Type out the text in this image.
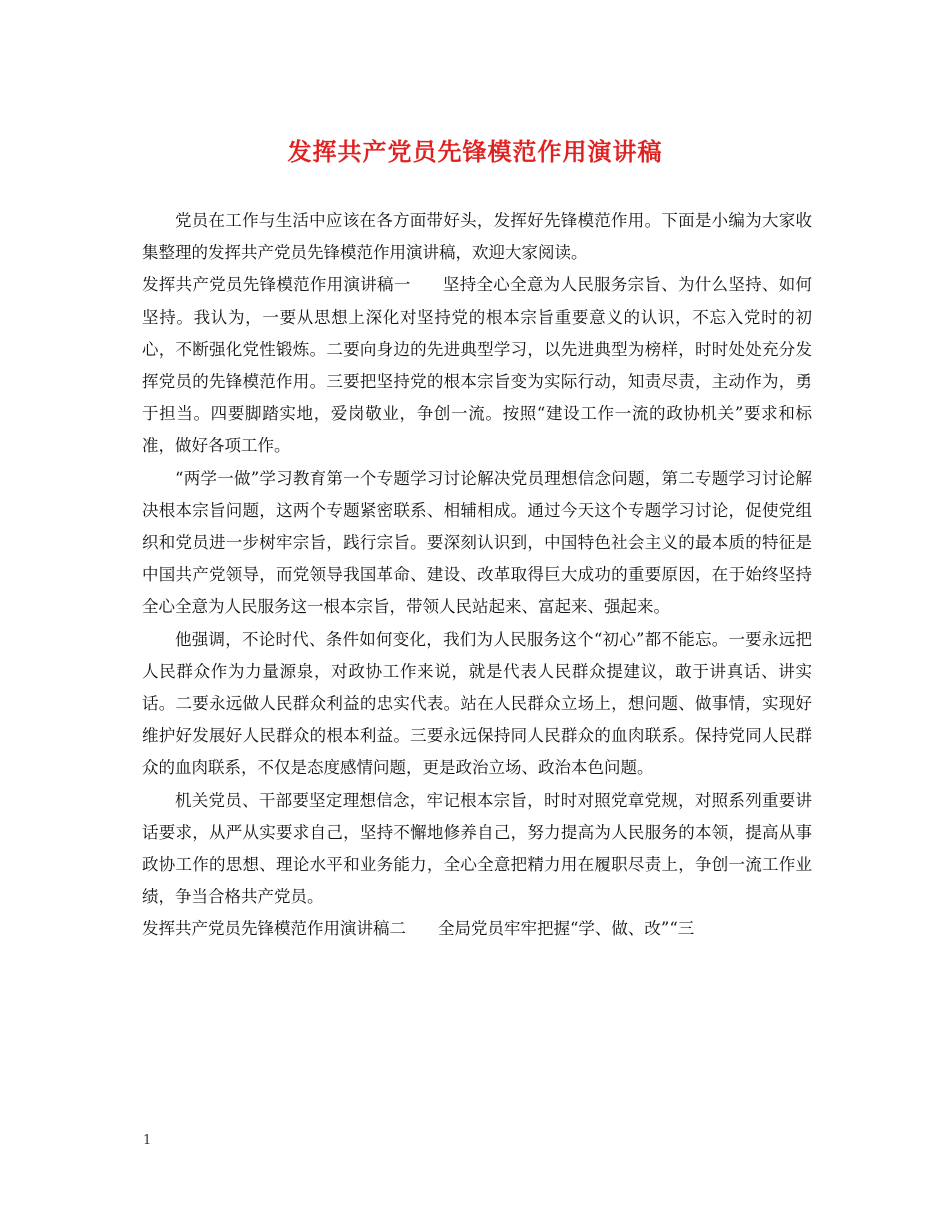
发挥共产党员先锋模范作用演讲稿

党员在工作与生活中应该在各方面带好头，发挥好先锋模范作用。下面是小编为大家收集整理的发挥共产党员先锋模范作用演讲稿，欢迎大家阅读。

发挥共产党员先锋模范作用演讲稿一 坚持全心全意为人民服务宗旨、为什么坚持、如何坚持。我认为，一要从思想上深化对坚持党的根本宗旨重要意义的认识，不忘入党时的初心，不断强化党性锻炼。二要向身边的先进典型学习，以先进典型为榜样，时时处处充分发挥党员的先锋模范作用。三要把坚持党的根本宗旨变为实际行动，知责尽责，主动作为，勇于担当。四要脚踏实地，爱岗敬业，争创一流。按照“建设工作一流的政协机关”要求和标准，做好各项工作。

“两学一做”学习教育第一个专题学习讨论解决党员理想信念问题，第二专题学习讨论解决根本宗旨问题，这两个专题紧密联系、相辅相成。通过今天这个专题学习讨论，促使党组织和党员进一步树牢宗旨，践行宗旨。要深刻认识到，中国特色社会主义的最本质的特征是中国共产党领导，而党领导我国革命、建设、改革取得巨大成功的重要原因，在于始终坚持全心全意为人民服务这一根本宗旨，带领人民站起来、富起来、强起来。

他强调，不论时代、条件如何变化，我们为人民服务这个“初心”都不能忘。一要永远把人民群众作为力量源泉，对政协工作来说，就是代表人民群众提建议，敢于讲真话、讲实话。二要永远做人民群众利益的忠实代表。站在人民群众立场上，想问题、做事情，实现好维护好发展好人民群众的根本利益。三要永远保持同人民群众的血肉联系。保持党同人民群众的血肉联系，不仅是态度感情问题，更是政治立场、政治本色问题。

机关党员、干部要坚定理想信念，牢记根本宗旨，时时对照党章党规，对照系列重要讲话要求，从严从实要求自己，坚持不懈地修养自己，努力提高为人民服务的本领，提高从事政协工作的思想、理论水平和业务能力，全心全意把精力用在履职尽责上，争创一流工作业绩，争当合格共产党员。

发挥共产党员先锋模范作用演讲稿二 全局党员牢牢把握“学、做、改”“三

1
